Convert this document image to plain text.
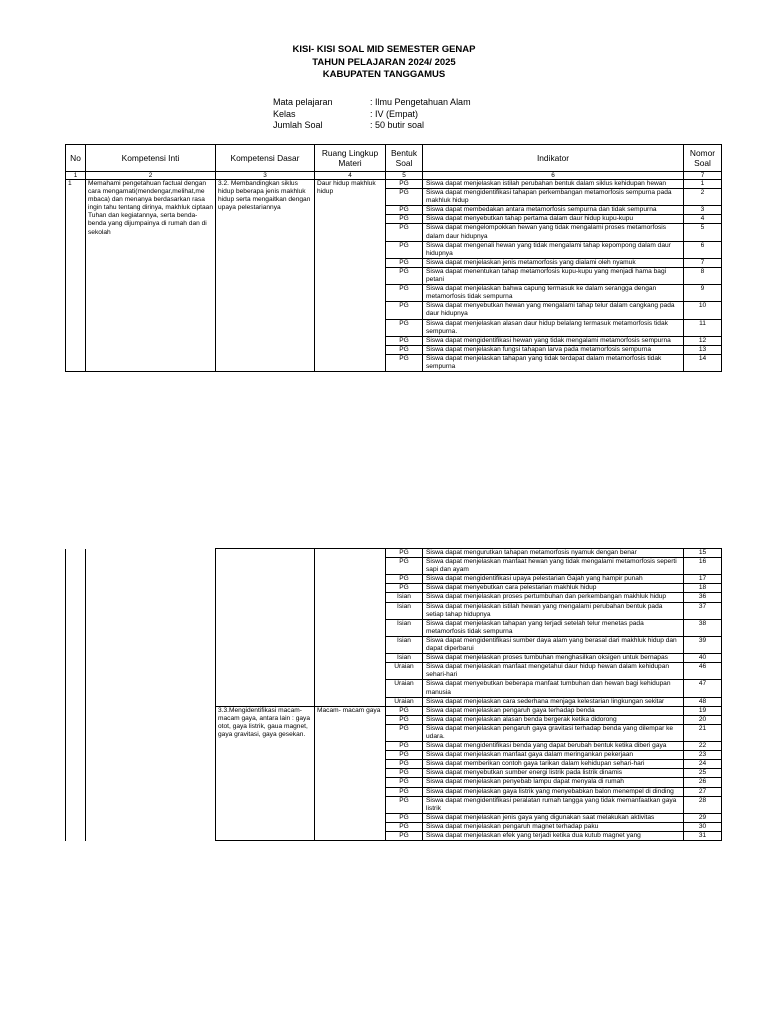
KISI- KISI SOAL MID SEMESTER GENAP
TAHUN PELAJARAN 2024/ 2025
KABUPATEN TANGGAMUS
Mata pelajaran	: Ilmu Pengetahuan Alam
Kelas	: IV (Empat)
Jumlah Soal	: 50 butir soal
No	Kompetensi Inti	Kompetensi Dasar	Ruang Lingkup Materi	Bentuk Soal	Indikator	Nomor Soal
1	2	3	4	5	6	7
1	Memahami pengetahuan factual dengan cara mengamati(mendengar,melihat,me mbaca) dan menanya berdasarkan rasa ingin tahu tentang dirinya, makhluk ciptaan Tuhan dan kegiatannya, serta benda- benda yang dijumpainya di rumah dan di sekolah	3.2. Membandingkan siklus hidup beberapa jenis makhluk hidup serta mengaitkan dengan upaya pelestariannya	Daur hidup makhluk hidup	PG	Siswa dapat menjelaskan istilah perubahan bentuk dalam siklus kehidupan hewan	1
				PG	Siswa dapat mengidentifikasi tahapan perkembangan metamorfosis sempurna pada makhluk hidup	2
				PG	Siswa dapat membedakan antara metamorfosis sempurna dan tidak sempurna	3
				PG	Siswa dapat menyebutkan tahap pertama dalam daur hidup kupu-kupu	4
				PG	Siswa dapat mengelompokkan hewan yang tidak mengalami proses metamorfosis dalam daur hidupnya	5
				PG	Siswa dapat mengenali hewan yang tidak mengalami tahap kepompong dalam daur hidupnya	6
				PG	Siswa dapat menjelaskan jenis metamorfosis yang dialami oleh nyamuk	7
				PG	Siswa dapat menentukan tahap metamorfosis kupu-kupu yang menjadi hama bagi petani	8
				PG	Siswa dapat menjelaskan bahwa capung termasuk ke dalam serangga dengan metamorfosis tidak sempurna	9
				PG	Siswa dapat menyebutkan hewan yang mengalami tahap telur dalam cangkang pada daur hidupnya	10
				PG	Siswa dapat menjelaskan alasan daur hidup belalang termasuk metamorfosis tidak sempurna.	11
				PG	Siswa dapat mengidentifikasi hewan yang tidak mengalami metamorfosis sempurna	12
				PG	Siswa dapat menjelaskan fungsi tahapan larva pada metamorfosis sempurna	13
				PG	Siswa dapat menjelaskan tahapan yang tidak terdapat dalam metamorfosis tidak sempurna	14
				PG	Siswa dapat mengurutkan tahapan metamorfosis nyamuk dengan benar	15
				PG	Siswa dapat menjelaskan manfaat hewan yang tidak mengalami metamorfosis seperti sapi dan ayam	16
				PG	Siswa dapat mengidentifikasi upaya pelestarian Gajah yang hampir punah	17
				PG	Siswa dapat menyebutkan cara pelestarian makhluk hidup	18
				Isian	Siswa dapat menjelaskan proses pertumbuhan dan perkembangan makhluk hidup	36
				Isian	Siswa dapat menjelaskan istilah hewan yang mengalami perubahan bentuk pada setiap tahap hidupnya	37
				Isian	Siswa dapat menjelaskan tahapan yang terjadi setelah telur menetas pada metamorfosis tidak sempurna	38
				Isian	Siswa dapat mengidentifikasi sumber daya alam yang berasal dari makhluk hidup dan dapat diperbarui	39
				Isian	Siswa dapat menjelaskan proses tumbuhan menghasilkan oksigen untuk bernapas	40
				Uraian	Siswa dapat menjelaskan manfaat mengetahui daur hidup hewan dalam kehidupan sehari-hari	46
				Uraian	Siswa dapat menyebutkan beberapa manfaat tumbuhan dan hewan bagi kehidupan manusia	47
				Uraian	Siswa dapat menjelaskan cara sederhana menjaga kelestarian lingkungan sekitar	48
		3.3.Mengidentifikasi macam-macam gaya, antara lain : gaya otot, gaya listrik, gaua magnet, gaya gravitasi, gaya gesekan.	Macam- macam gaya	PG	Siswa dapat menjelaskan pengaruh gaya terhadap benda	19
				PG	Siswa dapat menjelaskan alasan benda bergerak ketika didorong	20
				PG	Siswa dapat menjelaskan pengaruh gaya gravitasi terhadap benda yang dilempar ke udara.	21
				PG	Siswa dapat mengidentifikasi benda yang dapat berubah bentuk ketika diberi gaya	22
				PG	Siswa dapat menjelaskan manfaat gaya dalam meringankan pekerjaan	23
				PG	Siswa dapat memberikan contoh gaya tarikan dalam kehidupan sehari-hari	24
				PG	Siswa dapat menyebutkan sumber energi listrik pada listrik dinamis	25
				PG	Siswa dapat menjelaskan penyebab lampu dapat menyala di rumah	26
				PG	Siswa dapat menjelaskan gaya listrik yang menyebabkan balon menempel di dinding	27
				PG	Siswa dapat mengidentifikasi peralatan rumah tangga yang tidak memanfaatkan gaya listrik	28
				PG	Siswa dapat menjelaskan jenis gaya yang digunakan saat melakukan aktivitas	29
				PG	Siswa dapat menjelaskan pengaruh magnet terhadap paku	30
				PG	Siswa dapat menjelaskan efek yang terjadi ketika dua kutub magnet yang	31
